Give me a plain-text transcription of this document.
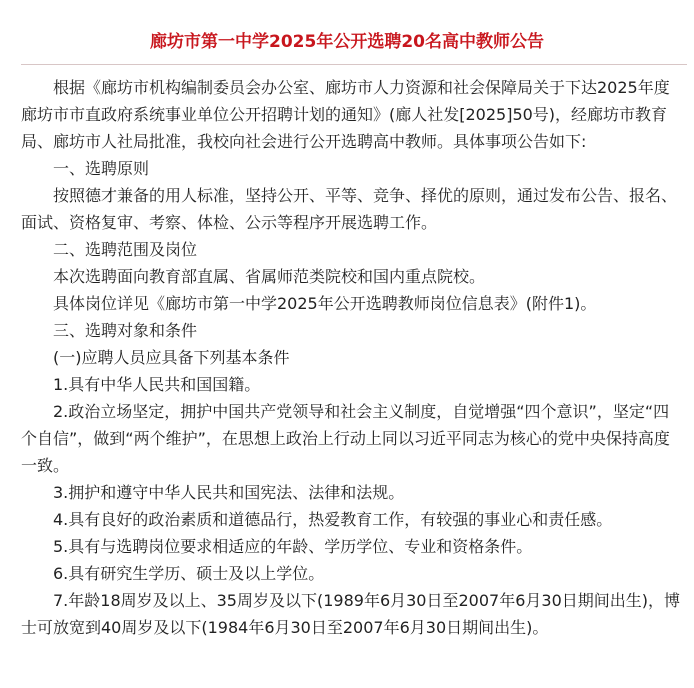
廊坊市第一中学2025年公开选聘20名高中教师公告

根据《廊坊市机构编制委员会办公室、廊坊市人力资源和社会保障局关于下达2025年度廊坊市市直政府系统事业单位公开招聘计划的通知》(廊人社发[2025]50号)，经廊坊市教育局、廊坊市人社局批准，我校向社会进行公开选聘高中教师。具体事项公告如下:

一、选聘原则

按照德才兼备的用人标准，坚持公开、平等、竞争、择优的原则，通过发布公告、报名、面试、资格复审、考察、体检、公示等程序开展选聘工作。

二、选聘范围及岗位

本次选聘面向教育部直属、省属师范类院校和国内重点院校。

具体岗位详见《廊坊市第一中学2025年公开选聘教师岗位信息表》(附件1)。

三、选聘对象和条件

(一)应聘人员应具备下列基本条件

1.具有中华人民共和国国籍。

2.政治立场坚定，拥护中国共产党领导和社会主义制度，自觉增强“四个意识”，坚定“四个自信”，做到“两个维护”，在思想上政治上行动上同以习近平同志为核心的党中央保持高度一致。

3.拥护和遵守中华人民共和国宪法、法律和法规。

4.具有良好的政治素质和道德品行，热爱教育工作，有较强的事业心和责任感。

5.具有与选聘岗位要求相适应的年龄、学历学位、专业和资格条件。

6.具有研究生学历、硕士及以上学位。

7.年龄18周岁及以上、35周岁及以下(1989年6月30日至2007年6月30日期间出生)，博士可放宽到40周岁及以下(1984年6月30日至2007年6月30日期间出生)。
